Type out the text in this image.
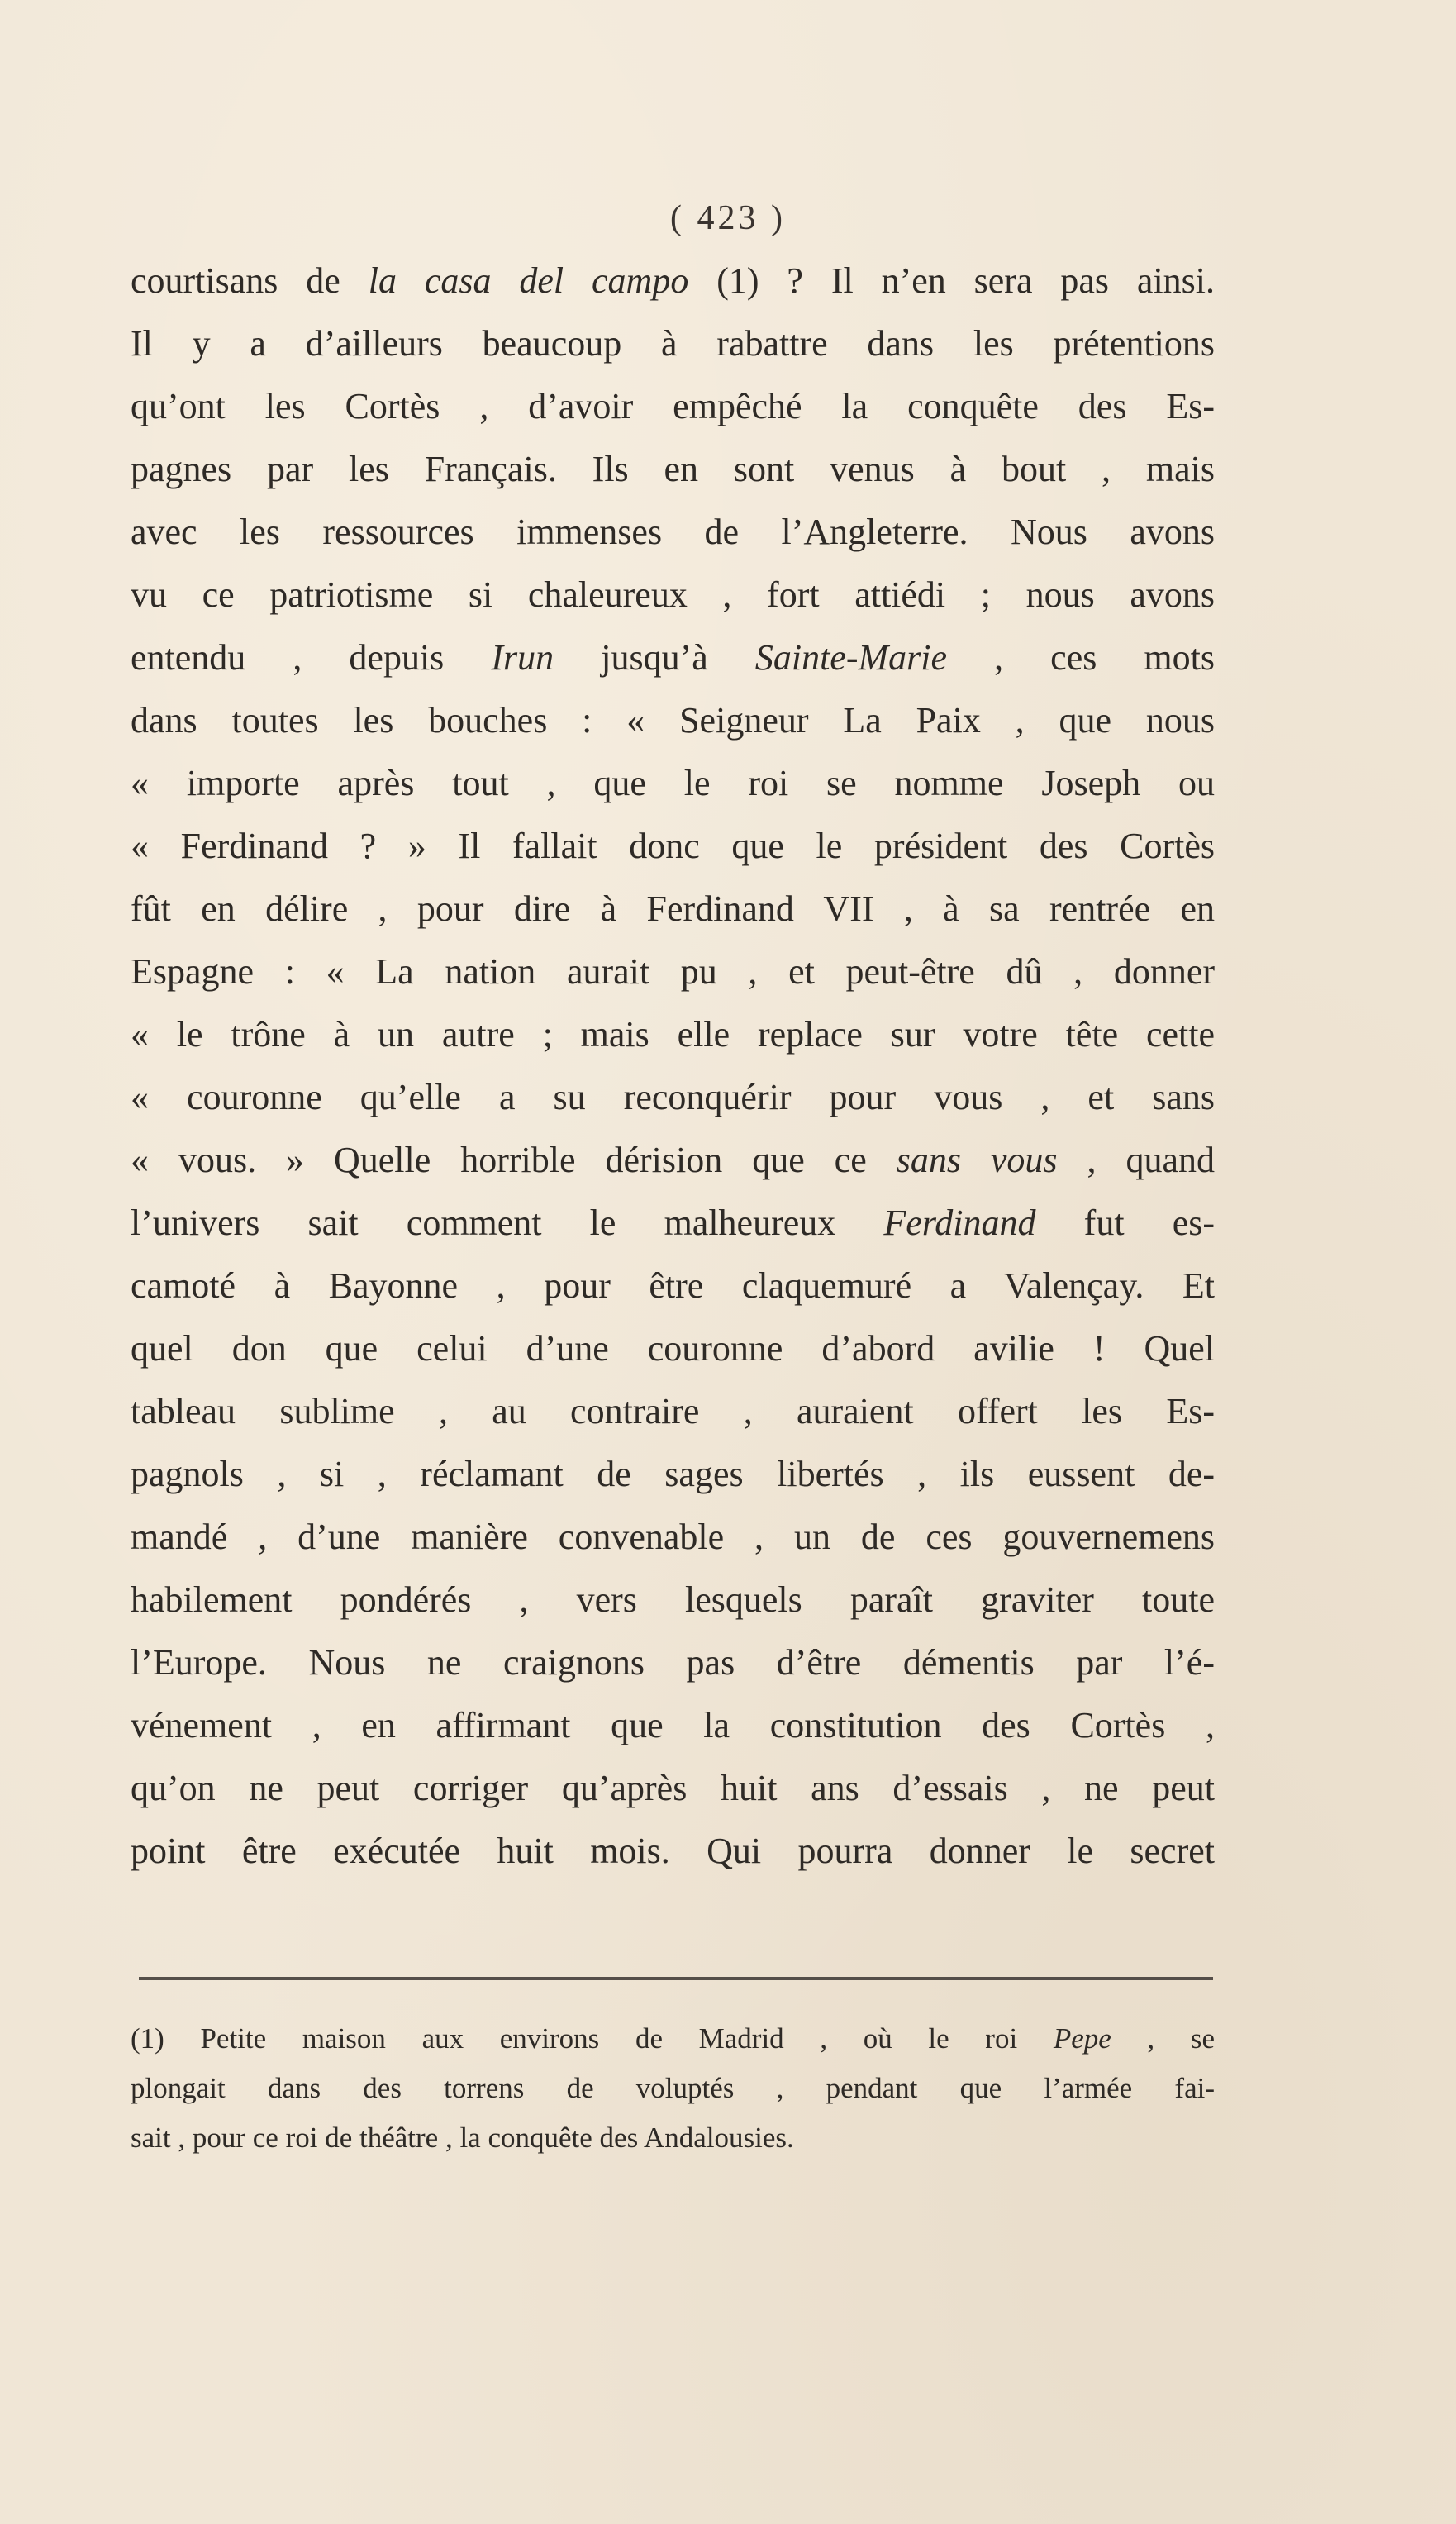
( 423 )
courtisans de la casa del campo (1) ? Il n’en sera pas ainsi.
Il y a d’ailleurs beaucoup à rabattre dans les prétentions
qu’ont les Cortès , d’avoir empêché la conquête des Es-
pagnes par les Français. Ils en sont venus à bout , mais
avec les ressources immenses de l’Angleterre. Nous avons
vu ce patriotisme si chaleureux , fort attiédi ; nous avons
entendu , depuis Irun jusqu’à Sainte-Marie , ces mots
dans toutes les bouches : « Seigneur La Paix , que nous
« importe après tout , que le roi se nomme Joseph ou
« Ferdinand ? » Il fallait donc que le président des Cortès
fût en délire , pour dire à Ferdinand VII , à sa rentrée en
Espagne : « La nation aurait pu , et peut-être dû , donner
« le trône à un autre ; mais elle replace sur votre tête cette
« couronne qu’elle a su reconquérir pour vous , et sans
« vous. » Quelle horrible dérision que ce sans vous , quand
l’univers sait comment le malheureux Ferdinand fut es-
camoté à Bayonne , pour être claquemuré a Valençay. Et
quel don que celui d’une couronne d’abord avilie ! Quel
tableau sublime , au contraire , auraient offert les Es-
pagnols , si , réclamant de sages libertés , ils eussent de-
mandé , d’une manière convenable , un de ces gouvernemens
habilement pondérés , vers lesquels paraît graviter toute
l’Europe. Nous ne craignons pas d’être démentis par l’é-
vénement , en affirmant que la constitution des Cortès ,
qu’on ne peut corriger qu’après huit ans d’essais , ne peut
point être exécutée huit mois. Qui pourra donner le secret
(1) Petite maison aux environs de Madrid , où le roi Pepe , se
plongait dans des torrens de voluptés , pendant que l’armée fai-
sait , pour ce roi de théâtre , la conquête des Andalousies.
